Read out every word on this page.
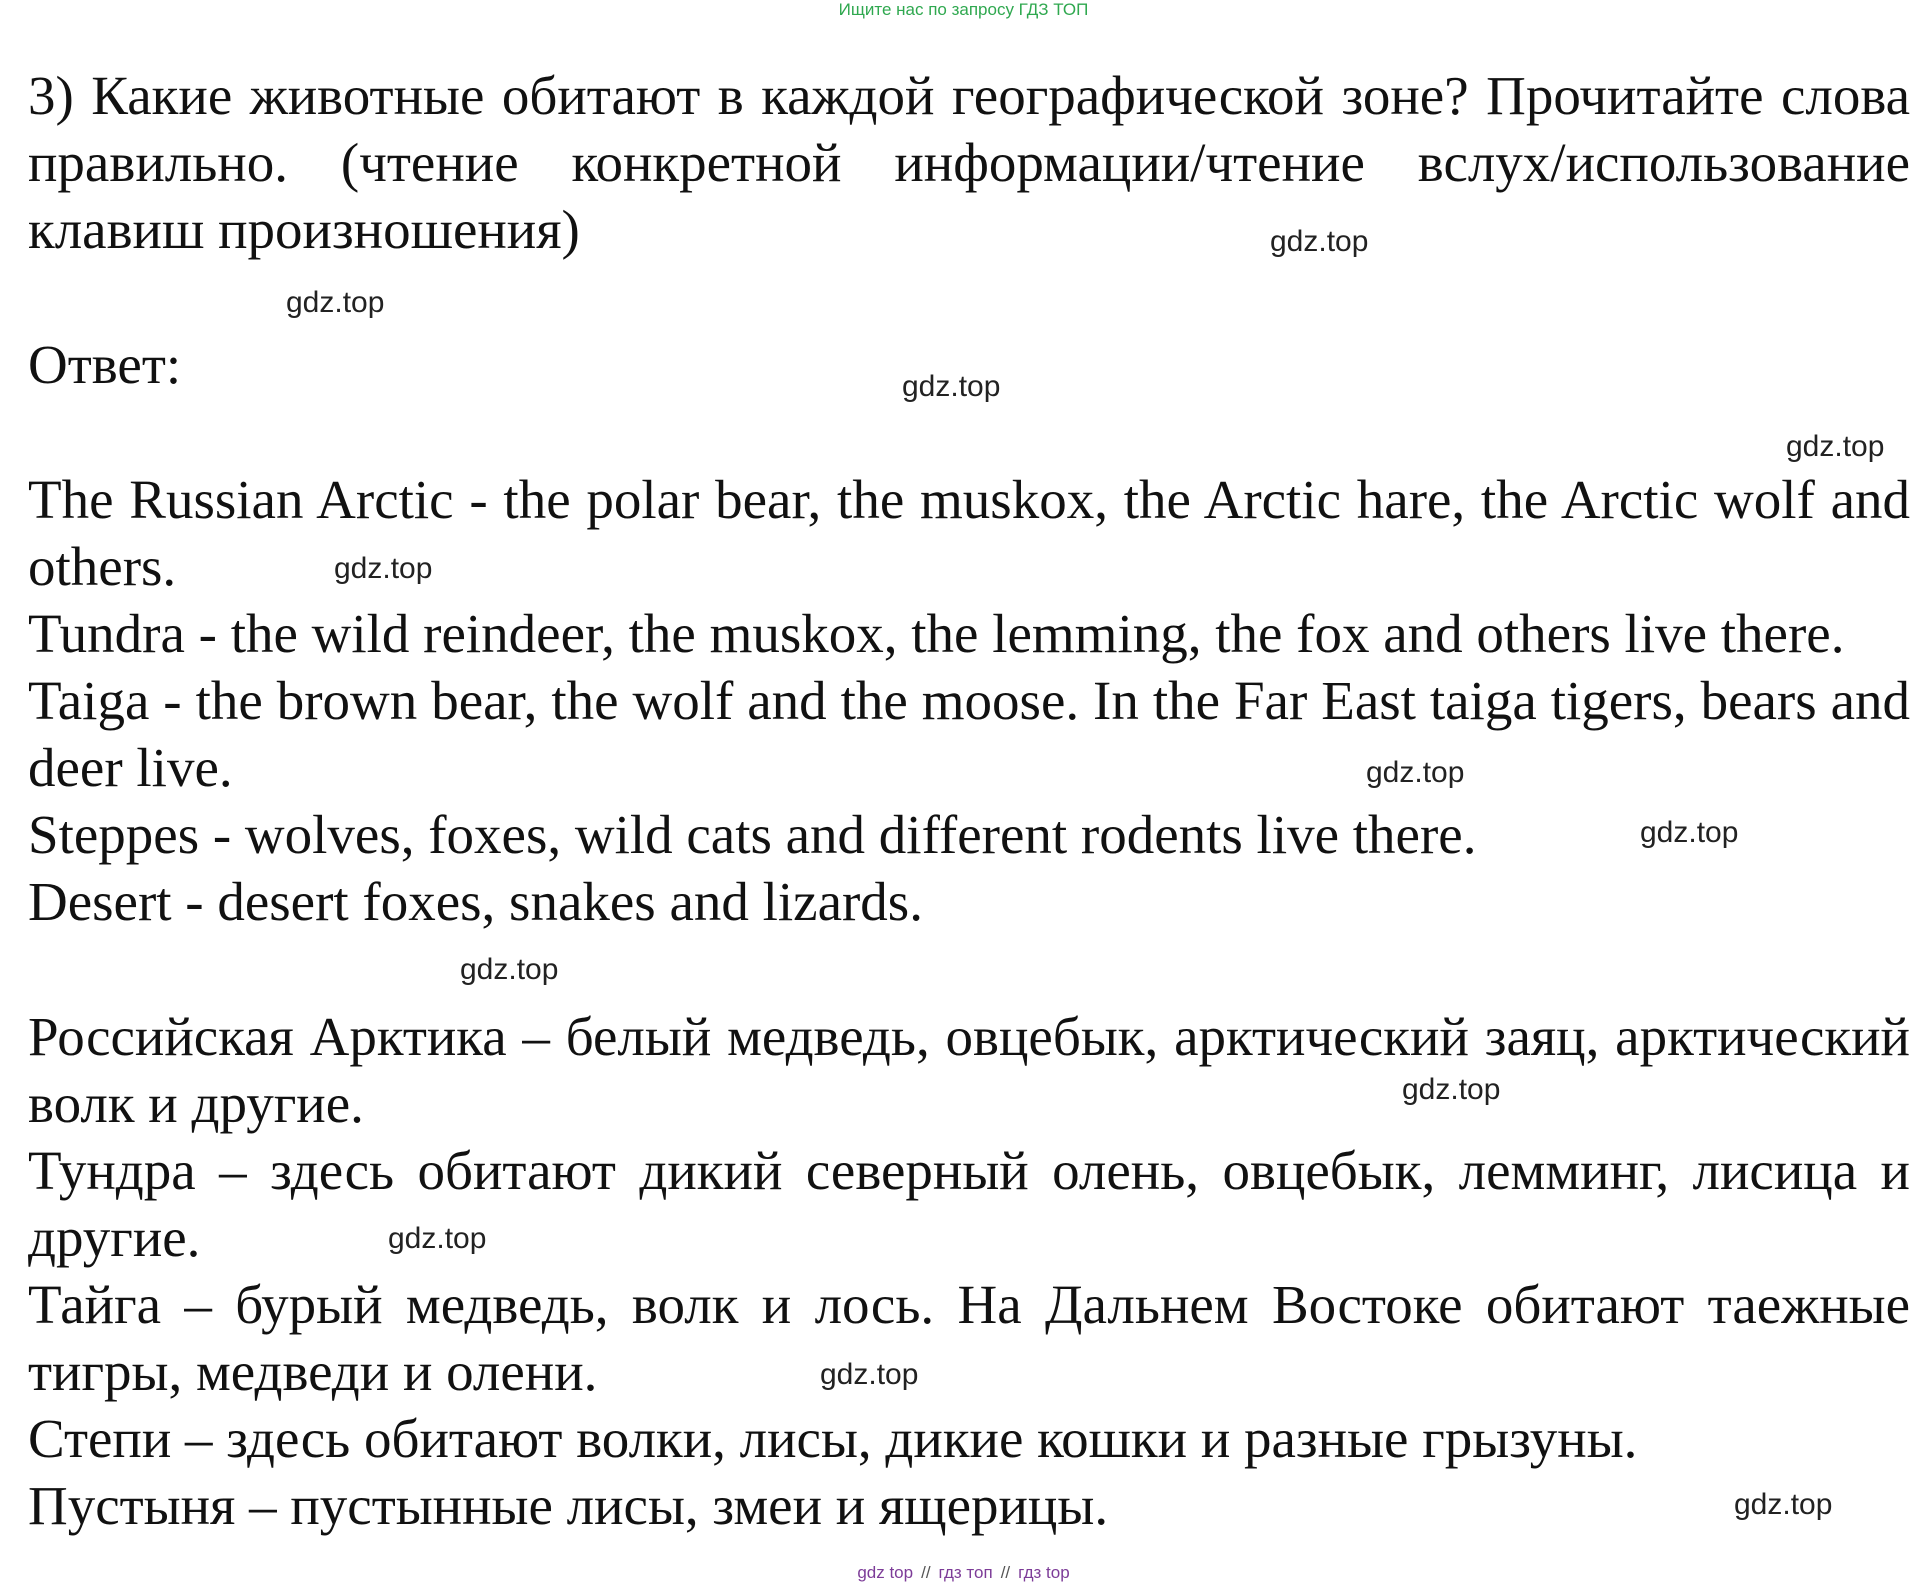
Ищите нас по запросу ГДЗ ТОП

3) Какие животные обитают в каждой географической зоне? Прочитайте слова правильно. (чтение конкретной информации/чтение вслух/использование клавиш произношения)

Ответ:

The Russian Arctic - the polar bear, the muskox, the Arctic hare, the Arctic wolf and others.

Tundra - the wild reindeer, the muskox, the lemming, the fox and others live there.

Taiga - the brown bear, the wolf and the moose. In the Far East taiga tigers, bears and deer live.

Steppes - wolves, foxes, wild cats and different rodents live there.

Desert - desert foxes, snakes and lizards.

Российская Арктика – белый медведь, овцебык, арктический заяц, арктический волк и другие.

Тундра – здесь обитают дикий северный олень, овцебык, лемминг, лисица и другие.

Тайга – бурый медведь, волк и лось. На Дальнем Востоке обитают таежные тигры, медведи и олени.

Степи – здесь обитают волки, лисы, дикие кошки и разные грызуны.

Пустыня – пустынные лисы, змеи и ящерицы.

gdz.top
gdz.top
gdz.top
gdz.top
gdz.top
gdz.top
gdz.top
gdz.top
gdz.top
gdz.top
gdz.top
gdz.top
gdz top // гдз топ // гдз top
